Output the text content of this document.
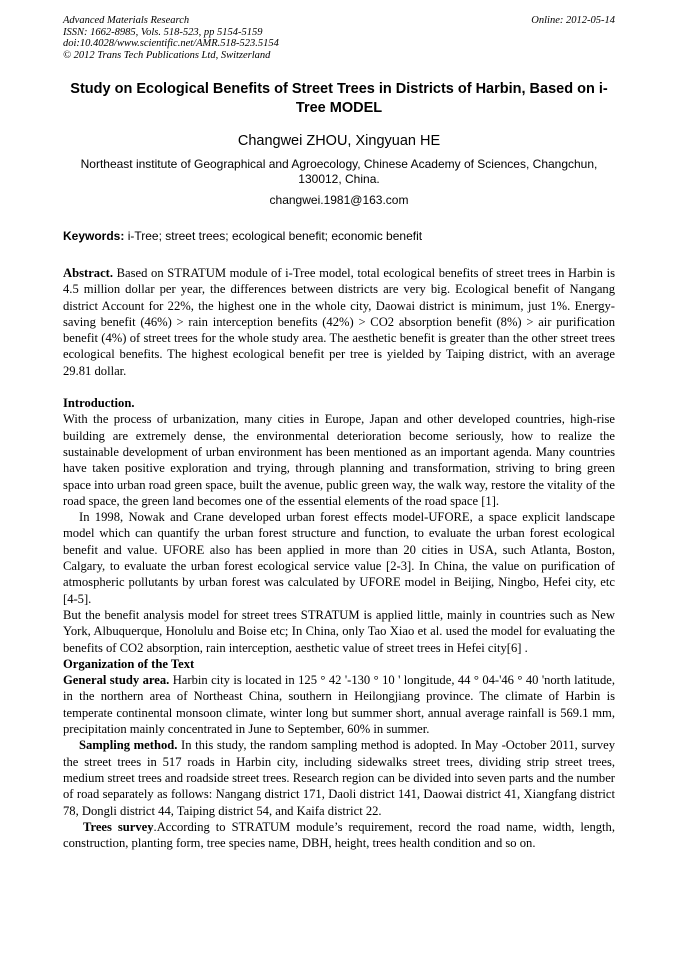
Advanced Materials Research
ISSN: 1662-8985, Vols. 518-523, pp 5154-5159
doi:10.4028/www.scientific.net/AMR.518-523.5154
© 2012 Trans Tech Publications Ltd, Switzerland
Online: 2012-05-14
Study on Ecological Benefits of Street Trees in Districts of Harbin, Based on i-Tree MODEL
Changwei ZHOU, Xingyuan HE
Northeast institute of Geographical and Agroecology, Chinese Academy of Sciences, Changchun, 130012, China.
changwei.1981@163.com
Keywords: i-Tree; street trees; ecological benefit; economic benefit

Abstract. Based on STRATUM module of i-Tree model, total ecological benefits of street trees in Harbin is 4.5 million dollar per year, the differences between districts are very big. Ecological benefit of Nangang district Account for 22%, the highest one in the whole city, Daowai district is minimum, just 1%. Energy-saving benefit (46%) > rain interception benefits (42%) > CO2 absorption benefit (8%) > air purification benefit (4%) of street trees for the whole study area. The aesthetic benefit is greater than the other street trees ecological benefits. The highest ecological benefit per tree is yielded by Taiping district, with an average 29.81 dollar.

Introduction.

With the process of urbanization, many cities in Europe, Japan and other developed countries, high-rise building are extremely dense, the environmental deterioration become seriously, how to realize the sustainable development of urban environment has been mentioned as an important agenda. Many countries have taken positive exploration and trying, through planning and transformation, striving to bring green space into urban road green space, built the avenue, public green way, the walk way, restore the vitality of the road space, the green land becomes one of the essential elements of the road space [1].

In 1998, Nowak and Crane developed urban forest effects model-UFORE, a space explicit landscape model which can quantify the urban forest structure and function, to evaluate the urban forest ecological benefit and value. UFORE also has been applied in more than 20 cities in USA, such Atlanta, Boston, Calgary, to evaluate the urban forest ecological service value [2-3]. In China, the value on purification of atmospheric pollutants by urban forest was calculated by UFORE model in Beijing, Ningbo, Hefei city, etc [4-5].

But the benefit analysis model for street trees STRATUM is applied little, mainly in countries such as New York, Albuquerque, Honolulu and Boise etc; In China, only Tao Xiao et al. used the model for evaluating the benefits of CO2 absorption, rain interception, aesthetic value of street trees in Hefei city[6] .

Organization of the Text

General study area. Harbin city is located in 125 ° 42 '-130 ° 10 ' longitude, 44 ° 04-'46 ° 40 'north latitude, in the northern area of Northeast China, southern in Heilongjiang province. The climate of Harbin is temperate continental monsoon climate, winter long but summer short, annual average rainfall is 569.1 mm, precipitation mainly concentrated in June to September, 60% in summer.

Sampling method. In this study, the random sampling method is adopted. In May -October 2011, survey the street trees in 517 roads in Harbin city, including sidewalks street trees, dividing strip street trees, medium street trees and roadside street trees. Research region can be divided into seven parts and the number of road separately as follows: Nangang district 171, Daoli district 141, Daowai district 41, Xiangfang district 78, Dongli district 44, Taiping district 54, and Kaifa district 22.

Trees survey.According to STRATUM module’s requirement, record the road name, width, length, construction, planting form, tree species name, DBH, height, trees health condition and so on.
